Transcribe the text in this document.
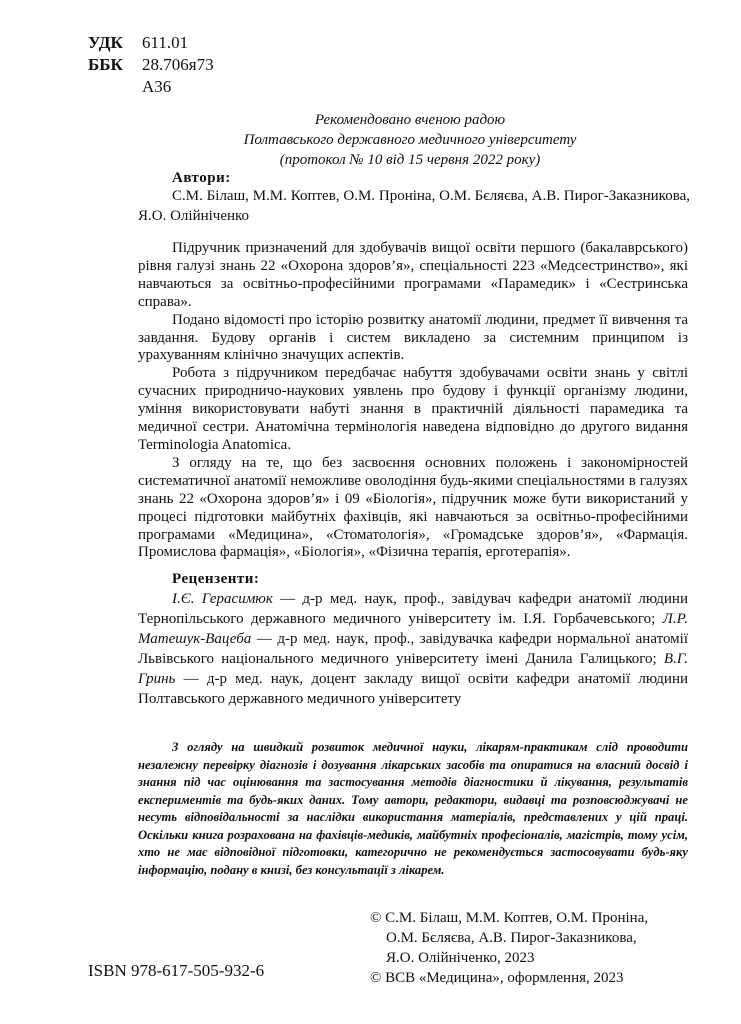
УДК	611.01
ББК	28.706я73
А36
Рекомендовано вченою радою
Полтавського державного медичного університету
(протокол № 10 від 15 червня 2022 року)
Автори:
С.М. Білаш, М.М. Коптев, О.М. Проніна, О.М. Бєляєва, А.В. Пирог-Заказникова, Я.О. Олійніченко

Підручник призначений для здобувачів вищої освіти першого (бакалаврського) рівня галузі знань 22 «Охорона здоров’я», спеціальності 223 «Медсестринство», які навчаються за освітньо-професійними програмами «Парамедик» і «Сестринська справа».

Подано відомості про історію розвитку анатомії людини, предмет її вивчення та завдання. Будову органів і систем викладено за системним принципом із урахуванням клінічно значущих аспектів.

Робота з підручником передбачає набуття здобувачами освіти знань у світлі сучасних природничо-наукових уявлень про будову і функції організму людини, уміння використовувати набуті знання в практичній діяльності парамедика та медичної сестри. Анатомічна термінологія наведена відповідно до другого видання Terminologia Anatomica.

З огляду на те, що без засвоєння основних положень і закономірностей систематичної анатомії неможливе оволодіння будь-якими спеціальностями в галузях знань 22 «Охорона здоров’я» і 09 «Біологія», підручник може бути використаний у процесі підготовки майбутніх фахівців, які навчаються за освітньо-професійними програмами «Медицина», «Стоматологія», «Громадське здоров’я», «Фармація. Промислова фармація», «Біологія», «Фізична терапія, ерготерапія».

Рецензенти:
І.Є. Герасимюк — д-р мед. наук, проф., завідувач кафедри анатомії людини Тернопільського державного медичного університету ім. І.Я. Горбачевського; Л.Р. Матешук-Вацеба — д-р мед. наук, проф., завідувачка кафедри нормальної анатомії Львівського національного медичного університету імені Данила Галицького; В.Г. Гринь — д-р мед. наук, доцент закладу вищої освіти кафедри анатомії людини Полтавського державного медичного університету
З огляду на швидкий розвиток медичної науки, лікарям-практикам слід проводити незалежну перевірку діагнозів і дозування лікарських засобів та опиратися на власний досвід і знання під час оцінювання та застосування методів діагностики й лікування, результатів експериментів та будь-яких даних. Тому автори, редактори, видавці та розповсюджувачі не несуть відповідальності за наслідки використання матеріалів, представлених у цій праці. Оскільки книга розрахована на фахівців-медиків, майбутніх професіоналів, магістрів, тому усім, хто не має відповідної підготовки, категорично не рекомендується застосовувати будь-яку інформацію, подану в книзі, без консультації з лікарем.
© С.М. Білаш, М.М. Коптев, О.М. Проніна,
О.М. Бєляєва, А.В. Пирог-Заказникова,
Я.О. Олійніченко, 2023
© ВСВ «Медицина», оформлення, 2023
ISBN 978-617-505-932-6
